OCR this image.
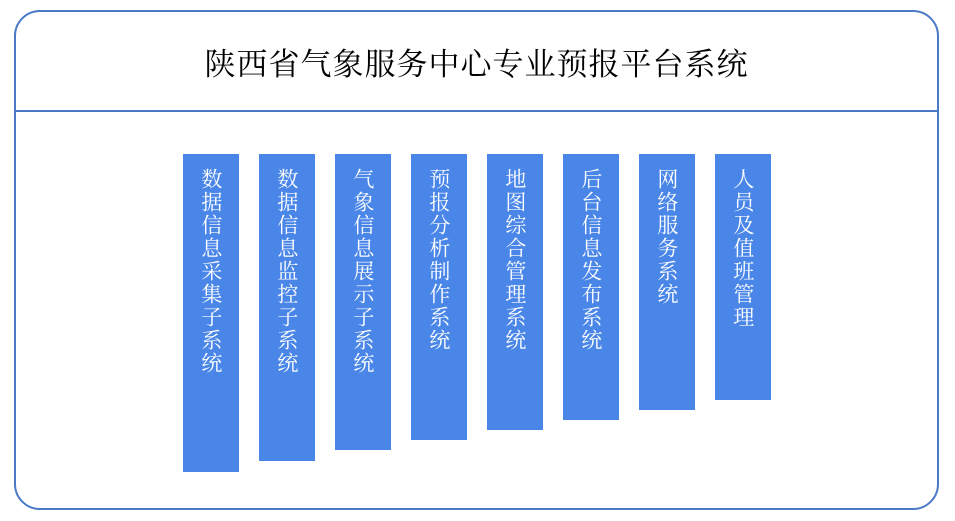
陕西省气象服务中心专业预报平台系统
数据信息采集子系统 数据信息监控子系统 气象信息展示子系统 预报分析制作系统 地图综合管理系统 后台信息发布系统 网络服务系统 人员及值班管理
